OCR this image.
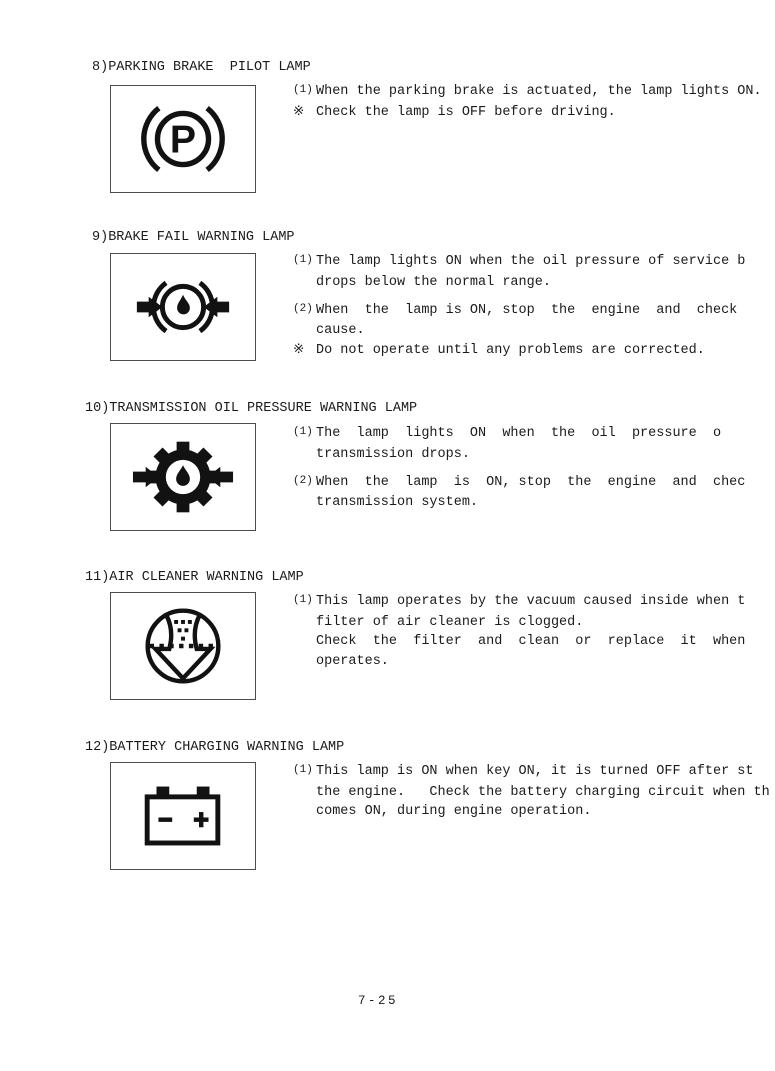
8)PARKING BRAKE  PILOT LAMP
P
(1) When the parking brake is actuated, the lamp lights ON.
※ Check the lamp is OFF before driving.
9)BRAKE FAIL WARNING LAMP
(1) The lamp lights ON when the oil pressure of service b
drops below the normal range.
(2) When  the  lamp is ON, stop  the  engine  and  check
cause.
※ Do not operate until any problems are corrected.
10)TRANSMISSION OIL PRESSURE WARNING LAMP
(1) The  lamp  lights  ON  when  the  oil  pressure  o
transmission drops.
(2) When  the  lamp  is  ON, stop  the  engine  and  chec
transmission system.
11)AIR CLEANER WARNING LAMP
(1) This lamp operates by the vacuum caused inside when t
filter of air cleaner is clogged.
Check  the  filter  and  clean  or  replace  it  when
operates.
12)BATTERY CHARGING WARNING LAMP
(1) This lamp is ON when key ON, it is turned OFF after st
the engine.   Check the battery charging circuit when th
comes ON, during engine operation.
7-25
